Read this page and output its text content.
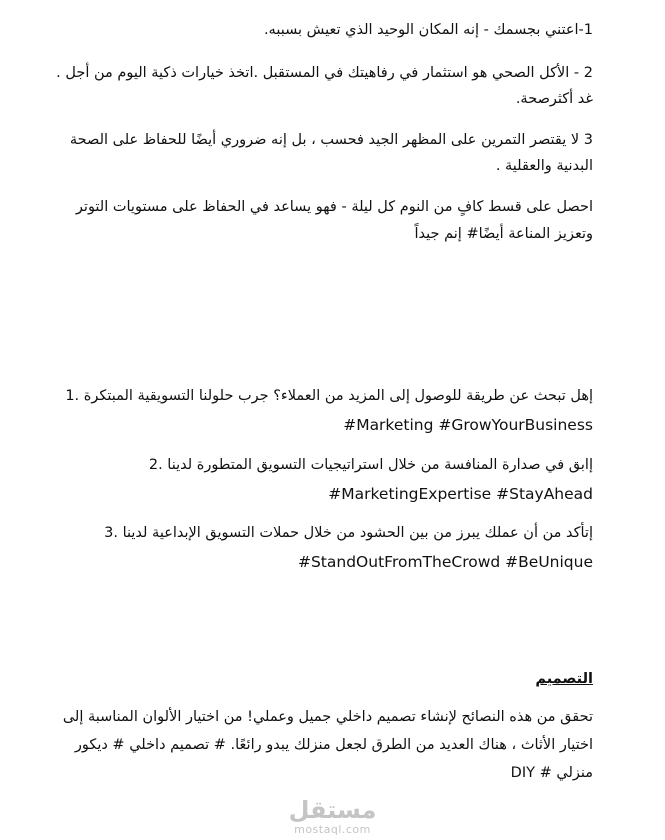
1-اعتني بجسمك - إنه المكان الوحيد الذي تعيش بسببه.
2 - الأكل الصحي هو استثمار في رفاهيتك في المستقبل .اتخذ خيارات ذكية اليوم من أجل .
غد أكثرصحة.
3 لا يقتصر التمرين على المظهر الجيد فحسب ، بل إنه ضروري أيضًا للحفاظ على الصحة
البدنية والعقلية .
احصل على قسط كافٍ من النوم كل ليلة - فهو يساعد في الحفاظ على مستويات التوتر
وتعزيز المناعة أيضًا# إنم جيداً
إهل تبحث عن طريقة للوصول إلى المزيد من العملاء؟ جرب حلولنا التسويقية المبتكرة .1
#Marketing #GrowYourBusiness
إابق في صدارة المنافسة من خلال استراتيجيات التسويق المتطورة لدينا .2
#MarketingExpertise #StayAhead
إتأكد من أن عملك يبرز من بين الحشود من خلال حملات التسويق الإبداعية لدينا .3
#StandOutFromTheCrowd #BeUnique
التصميم
تحقق من هذه النصائح لإنشاء تصميم داخلي جميل وعملي! من اختيار الألوان المناسبة إلى
اختيار الأثاث ، هناك العديد من الطرق لجعل منزلك يبدو رائعًا. # تصميم داخلي # ديكور
منزلي # DIY
مستقل
mostaql.com
